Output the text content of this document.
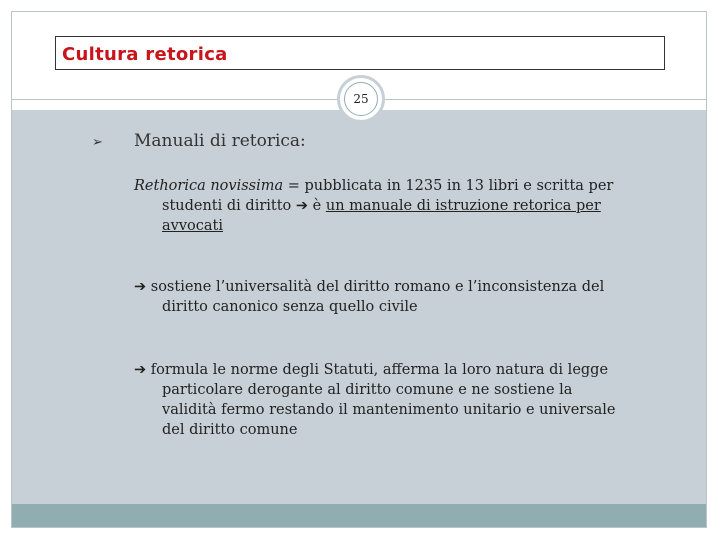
Cultura retorica
25
➢ Manuali di retorica:
Rethorica novissima = pubblicata in 1235 in 13 libri e scritta per
studenti di diritto ➔ è un manuale di istruzione retorica per
avvocati
➔ sostiene l’universalità del diritto romano e l’inconsistenza del
diritto canonico senza quello civile
➔ formula le norme degli Statuti, afferma la loro natura di legge
particolare derogante al diritto comune e ne sostiene la
validità fermo restando il mantenimento unitario e universale
del diritto comune
